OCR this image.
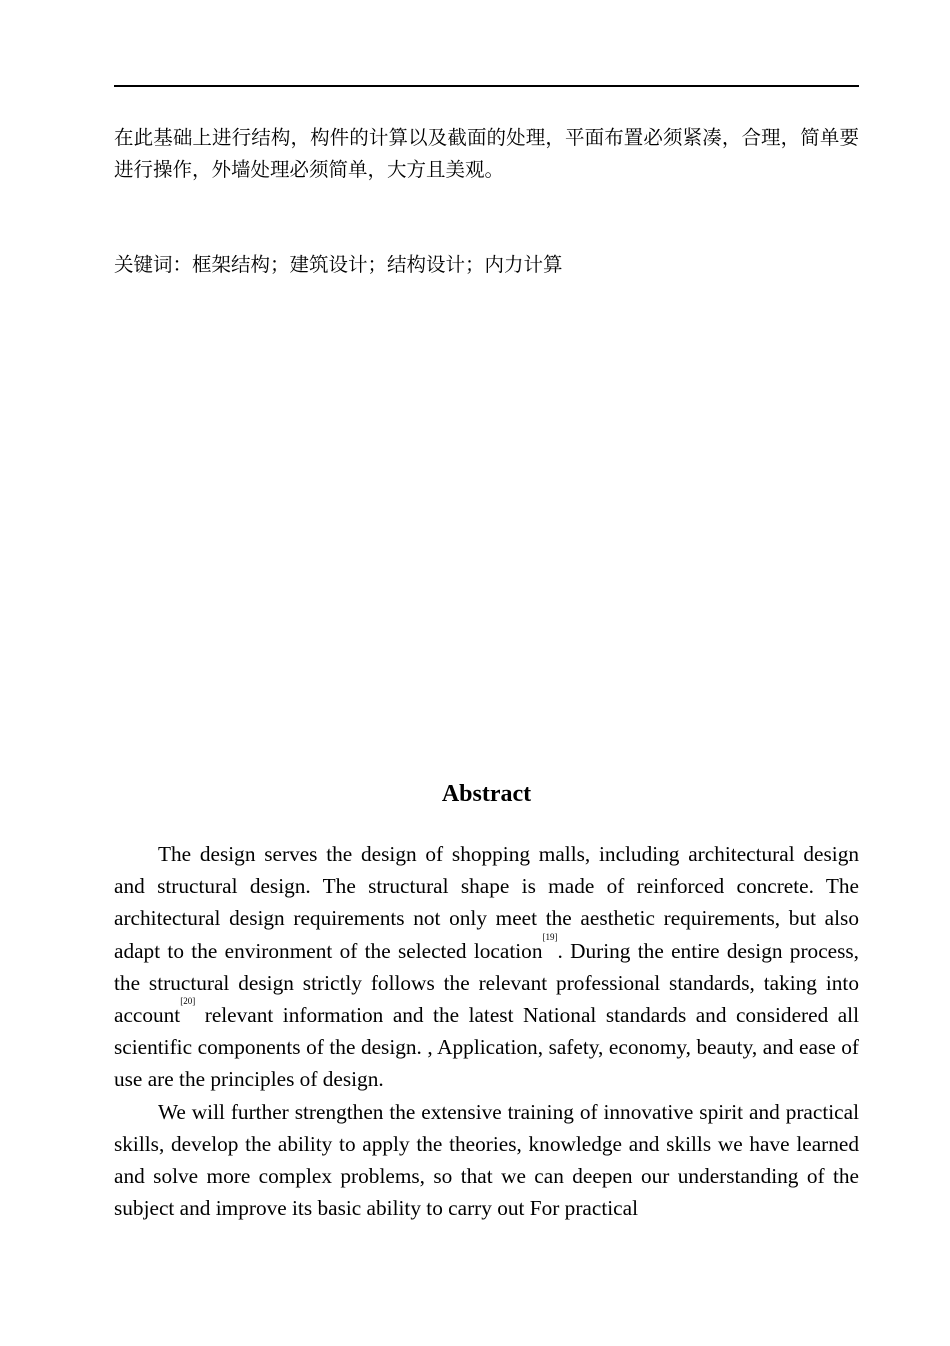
在此基础上进行结构，构件的计算以及截面的处理，平面布置必须紧凑，合理，简单要进行操作，外墙处理必须简单，大方且美观。

关键词：框架结构；建筑设计；结构设计；内力计算

Abstract

The design serves the design of shopping malls, including architectural design and structural design. The structural shape is made of reinforced concrete. The architectural design requirements not only meet the aesthetic requirements, but also adapt to the environment of the selected location[19]. During the entire design process, the structural design strictly follows the relevant professional standards, taking into account[20] relevant information and the latest National standards and considered all scientific components of the design. , Application, safety, economy, beauty, and ease of use are the principles of design.

We will further strengthen the extensive training of innovative spirit and practical skills, develop the ability to apply the theories, knowledge and skills we have learned and solve more complex problems, so that we can deepen our understanding of the subject and improve its basic ability to carry out For practical
